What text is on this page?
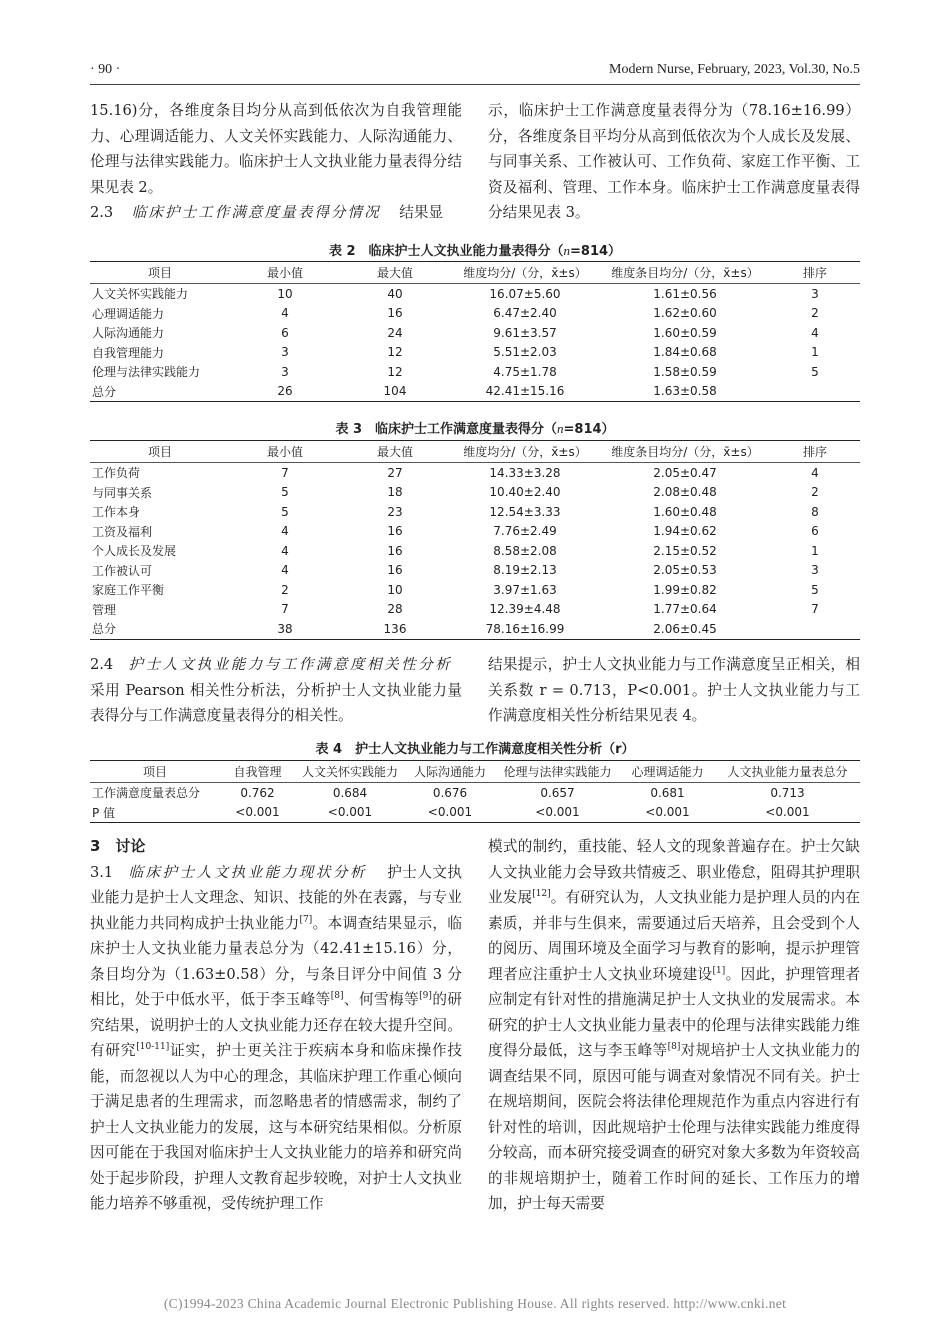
· 90 ·	Modern Nurse, February, 2023, Vol.30, No.5

15.16)分，各维度条目均分从高到低依次为自我管理能力、心理调适能力、人文关怀实践能力、人际沟通能力、伦理与法律实践能力。临床护士人文执业能力量表得分结果见表 2。

2.3 临床护士工作满意度量表得分情况 结果显

示，临床护士工作满意度量表得分为（78.16±16.99）分，各维度条目平均分从高到低依次为个人成长及发展、与同事关系、工作被认可、工作负荷、家庭工作平衡、工资及福利、管理、工作本身。临床护士工作满意度量表得分结果见表 3。

表 2　临床护士人文执业能力量表得分（n=814）
项目	最小值	最大值	维度均分/（分，x̄±s）	维度条目均分/（分，x̄±s）	排序
人文关怀实践能力	10	40	16.07±5.60	1.61±0.56	3
心理调适能力	4	16	6.47±2.40	1.62±0.60	2
人际沟通能力	6	24	9.61±3.57	1.60±0.59	4
自我管理能力	3	12	5.51±2.03	1.84±0.68	1
伦理与法律实践能力	3	12	4.75±1.78	1.58±0.59	5
总分	26	104	42.41±15.16	1.63±0.58	
表 3　临床护士工作满意度量表得分（n=814）
项目	最小值	最大值	维度均分/（分，x̄±s）	维度条目均分/（分，x̄±s）	排序
工作负荷	7	27	14.33±3.28	2.05±0.47	4
与同事关系	5	18	10.40±2.40	2.08±0.48	2
工作本身	5	23	12.54±3.33	1.60±0.48	8
工资及福利	4	16	7.76±2.49	1.94±0.62	6
个人成长及发展	4	16	8.58±2.08	2.15±0.52	1
工作被认可	4	16	8.19±2.13	2.05±0.53	3
家庭工作平衡	2	10	3.97±1.63	1.99±0.82	5
管理	7	28	12.39±4.48	1.77±0.64	7
总分	38	136	78.16±16.99	2.06±0.45	

2.4 护士人文执业能力与工作满意度相关性分析   采用 Pearson 相关性分析法，分析护士人文执业能力量表得分与工作满意度量表得分的相关性。

结果提示，护士人文执业能力与工作满意度呈正相关，相关系数 r = 0.713，P<0.001。护士人文执业能力与工作满意度相关性分析结果见表 4。

表 4　护士人文执业能力与工作满意度相关性分析（r）
项目	自我管理	人文关怀实践能力	人际沟通能力	伦理与法律实践能力	心理调适能力	人文执业能力量表总分
工作满意度量表总分	0.762	0.684	0.676	0.657	0.681	0.713
P 值	<0.001	<0.001	<0.001	<0.001	<0.001	<0.001

3　讨论

3.1 临床护士人文执业能力现状分析 护士人文执业能力是护士人文理念、知识、技能的外在表露，与专业执业能力共同构成护士执业能力[7]。本调查结果显示，临床护士人文执业能力量表总分为（42.41±15.16）分，条目均分为（1.63±0.58）分，与条目评分中间值 3 分相比，处于中低水平，低于李玉峰等[8]、何雪梅等[9]的研究结果，说明护士的人文执业能力还存在较大提升空间。有研究[10-11]证实，护士更关注于疾病本身和临床操作技能，而忽视以人为中心的理念，其临床护理工作重心倾向于满足患者的生理需求，而忽略患者的情感需求，制约了护士人文执业能力的发展，这与本研究结果相似。分析原因可能在于我国对临床护士人文执业能力的培养和研究尚处于起步阶段，护理人文教育起步较晚，对护士人文执业能力培养不够重视，受传统护理工作

模式的制约，重技能、轻人文的现象普遍存在。护士欠缺人文执业能力会导致共情疲乏、职业倦怠，阻碍其护理职业发展[12]。有研究认为，人文执业能力是护理人员的内在素质，并非与生俱来，需要通过后天培养，且会受到个人的阅历、周围环境及全面学习与教育的影响，提示护理管理者应注重护士人文执业环境建设[1]。因此，护理管理者应制定有针对性的措施满足护士人文执业的发展需求。本研究的护士人文执业能力量表中的伦理与法律实践能力维度得分最低，这与李玉峰等[8]对规培护士人文执业能力的调查结果不同，原因可能与调查对象情况不同有关。护士在规培期间，医院会将法律伦理规范作为重点内容进行有针对性的培训，因此规培护士伦理与法律实践能力维度得分较高，而本研究接受调查的研究对象大多数为年资较高的非规培期护士，随着工作时间的延长、工作压力的增加，护士每天需要

(C)1994-2023 China Academic Journal Electronic Publishing House. All rights reserved. http://www.cnki.net
